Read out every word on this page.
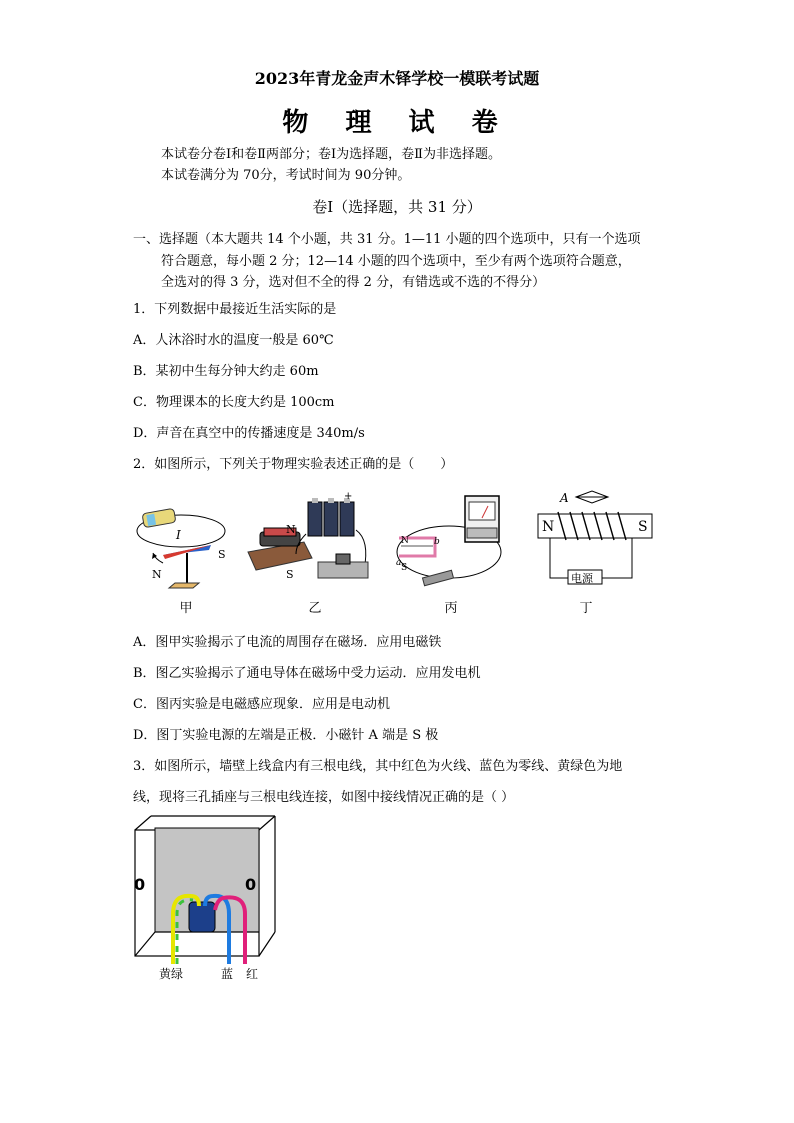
2023年青龙金声木铎学校一模联考试题
物 理 试 卷
本试卷分卷Ⅰ和卷Ⅱ两部分；卷Ⅰ为选择题，卷Ⅱ为非选择题。
本试卷满分为 70分，考试时间为 90分钟。
卷Ⅰ（选择题，共 31 分）
一、选择题（本大题共 14 个小题，共 31 分。1—11 小题的四个选项中，只有一个选项
符合题意，每小题 2 分；12—14 小题的四个选项中，至少有两个选项符合题意，
全选对的得 3 分，选对但不全的得 2 分，有错选或不选的不得分）
1．下列数据中最接近生活实际的是
A．人沐浴时水的温度一般是 60℃
B．某初中生每分钟大约走 60m
C．物理课本的长度大约是 100cm
D．声音在真空中的传播速度是 340m/s
2．如图所示，下列关于物理实验表述正确的是（　　）
I
N
S
甲
N
S
+
乙
N
S
a
b
丙
A
N	S
电源
丁
A．图甲实验揭示了电流的周围存在磁场．应用电磁铁
B．图乙实验揭示了通电导体在磁场中受力运动．应用发电机
C．图丙实验是电磁感应现象．应用是电动机
D．图丁实验电源的左端是正极．小磁针 A 端是 S 极
3．如图所示，墙壁上线盒内有三根电线，其中红色为火线、蓝色为零线、黄绿色为地
线，现将三孔插座与三根电线连接，如图中接线情况正确的是（ ）
0	0
黄绿	蓝 红
